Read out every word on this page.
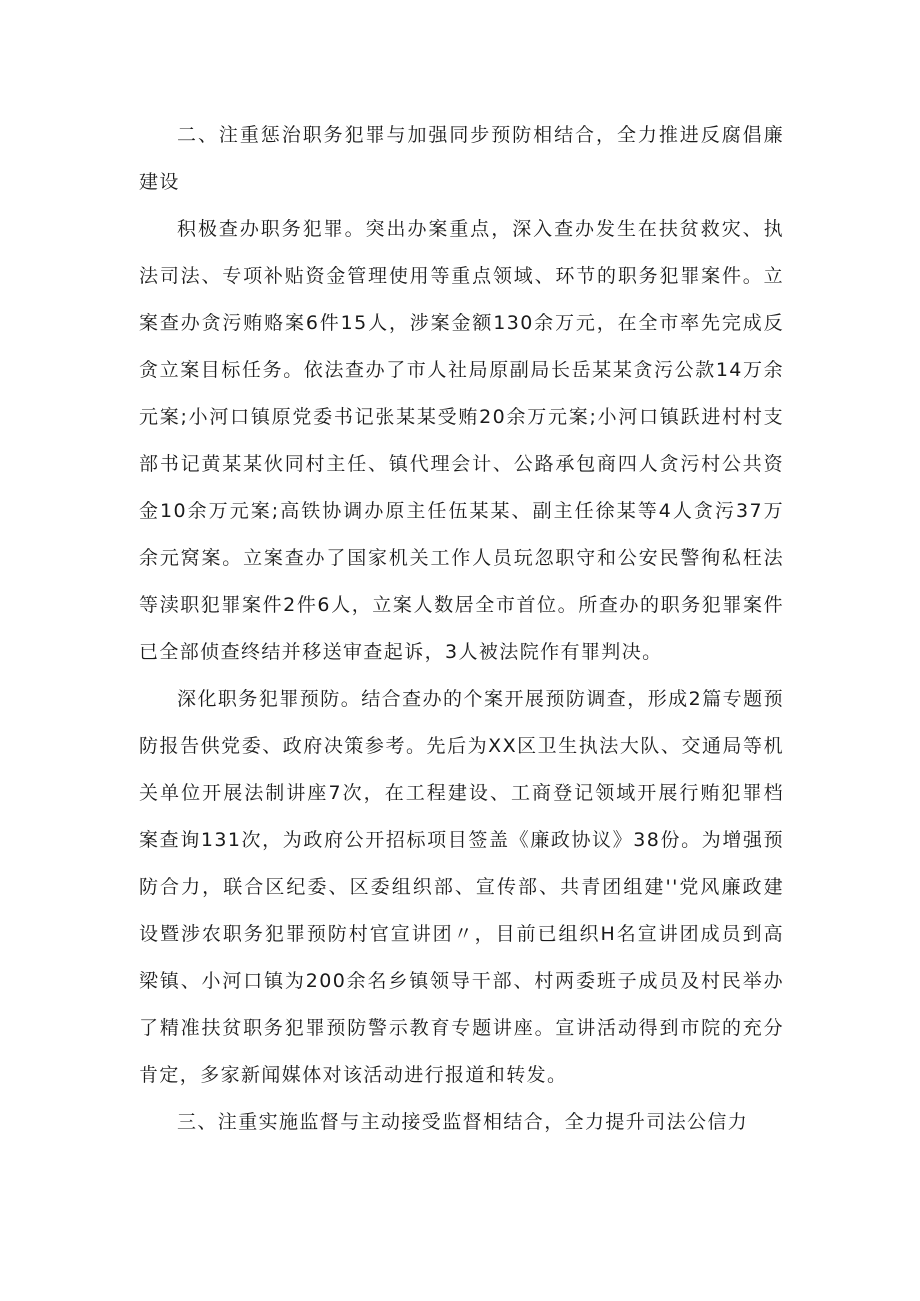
二、注重惩治职务犯罪与加强同步预防相结合，全力推进反腐倡廉建设

积极查办职务犯罪。突出办案重点，深入查办发生在扶贫救灾、执法司法、专项补贴资金管理使用等重点领域、环节的职务犯罪案件。立案查办贪污贿赂案6件15人，涉案金额130余万元，在全市率先完成反贪立案目标任务。依法查办了市人社局原副局长岳某某贪污公款14万余元案;小河口镇原党委书记张某某受贿20余万元案;小河口镇跃进村村支部书记黄某某伙同村主任、镇代理会计、公路承包商四人贪污村公共资金10余万元案;高铁协调办原主任伍某某、副主任徐某等4人贪污37万余元窝案。立案查办了国家机关工作人员玩忽职守和公安民警徇私枉法等渎职犯罪案件2件6人，立案人数居全市首位。所查办的职务犯罪案件已全部侦查终结并移送审查起诉，3人被法院作有罪判决。

深化职务犯罪预防。结合查办的个案开展预防调查，形成2篇专题预防报告供党委、政府决策参考。先后为XX区卫生执法大队、交通局等机关单位开展法制讲座7次，在工程建设、工商登记领域开展行贿犯罪档案查询131次，为政府公开招标项目签盖《廉政协议》38份。为增强预防合力，联合区纪委、区委组织部、宣传部、共青团组建''党风廉政建设暨涉农职务犯罪预防村官宣讲团〃，目前已组织H名宣讲团成员到高梁镇、小河口镇为200余名乡镇领导干部、村两委班子成员及村民举办了精准扶贫职务犯罪预防警示教育专题讲座。宣讲活动得到市院的充分肯定，多家新闻媒体对该活动进行报道和转发。

三、注重实施监督与主动接受监督相结合，全力提升司法公信力
